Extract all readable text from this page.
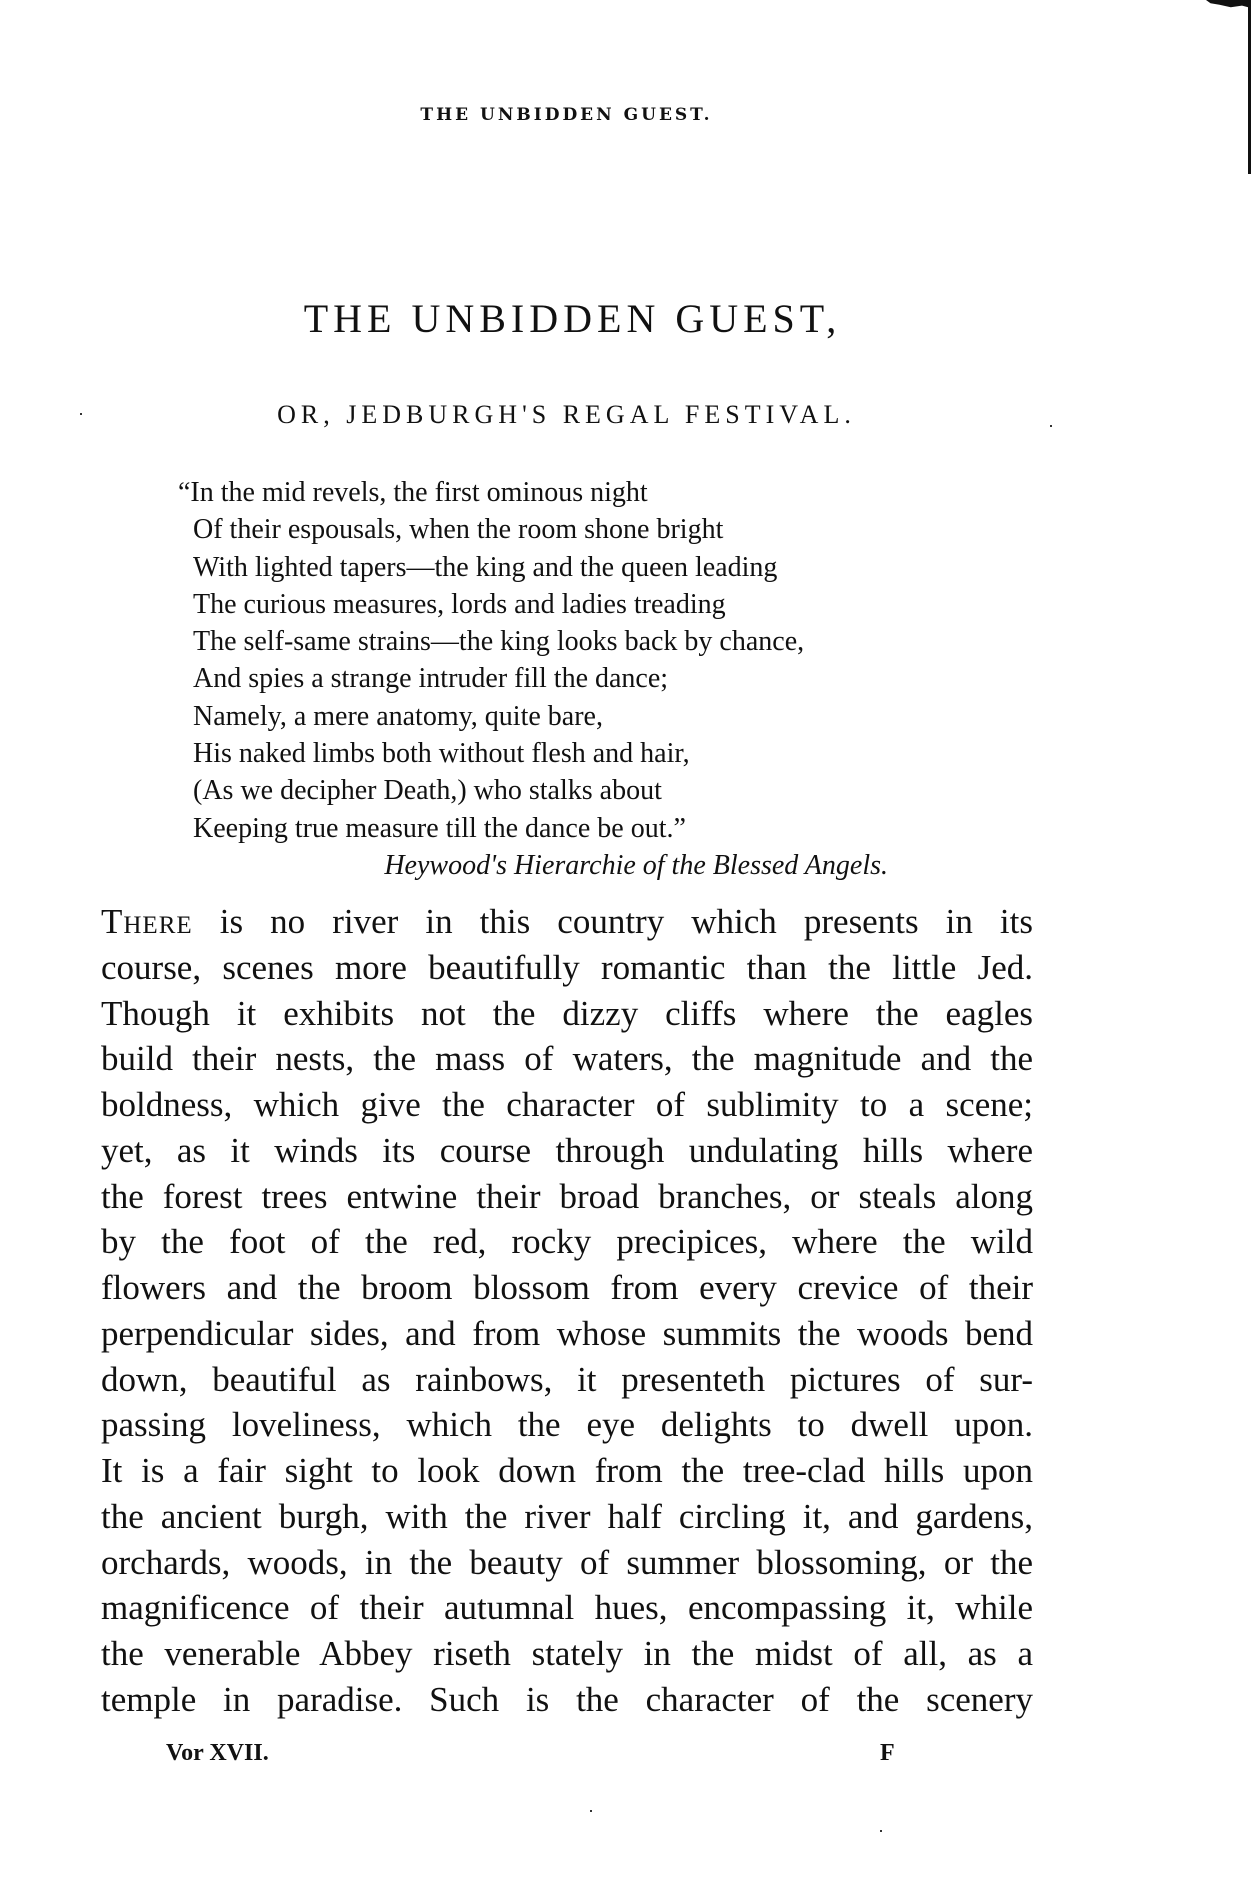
THE UNBIDDEN GUEST.
THE UNBIDDEN GUEST,
OR, JEDBURGH'S REGAL FESTIVAL.
“In the mid revels, the first ominous night
Of their espousals, when the room shone bright
With lighted tapers—the king and the queen leading
The curious measures, lords and ladies treading
The self-same strains—the king looks back by chance,
And spies a strange intruder fill the dance;
Namely, a mere anatomy, quite bare,
His naked limbs both without flesh and hair,
(As we decipher Death,) who stalks about
Keeping true measure till the dance be out.”
Heywood's Hierarchie of the Blessed Angels.
There is no river in this country which presents in its
course, scenes more beautifully romantic than the little Jed.
Though it exhibits not the dizzy cliffs where the eagles
build their nests, the mass of waters, the magnitude and the
boldness, which give the character of sublimity to a scene;
yet, as it winds its course through undulating hills where
the forest trees entwine their broad branches, or steals along
by the foot of the red, rocky precipices, where the wild
flowers and the broom blossom from every crevice of their
perpendicular sides, and from whose summits the woods bend
down, beautiful as rainbows, it presenteth pictures of sur-
passing loveliness, which the eye delights to dwell upon.
It is a fair sight to look down from the tree-clad hills upon
the ancient burgh, with the river half circling it, and gardens,
orchards, woods, in the beauty of summer blossoming, or the
magnificence of their autumnal hues, encompassing it, while
the venerable Abbey riseth stately in the midst of all, as a
temple in paradise. Such is the character of the scenery
Vor XVII.	F
